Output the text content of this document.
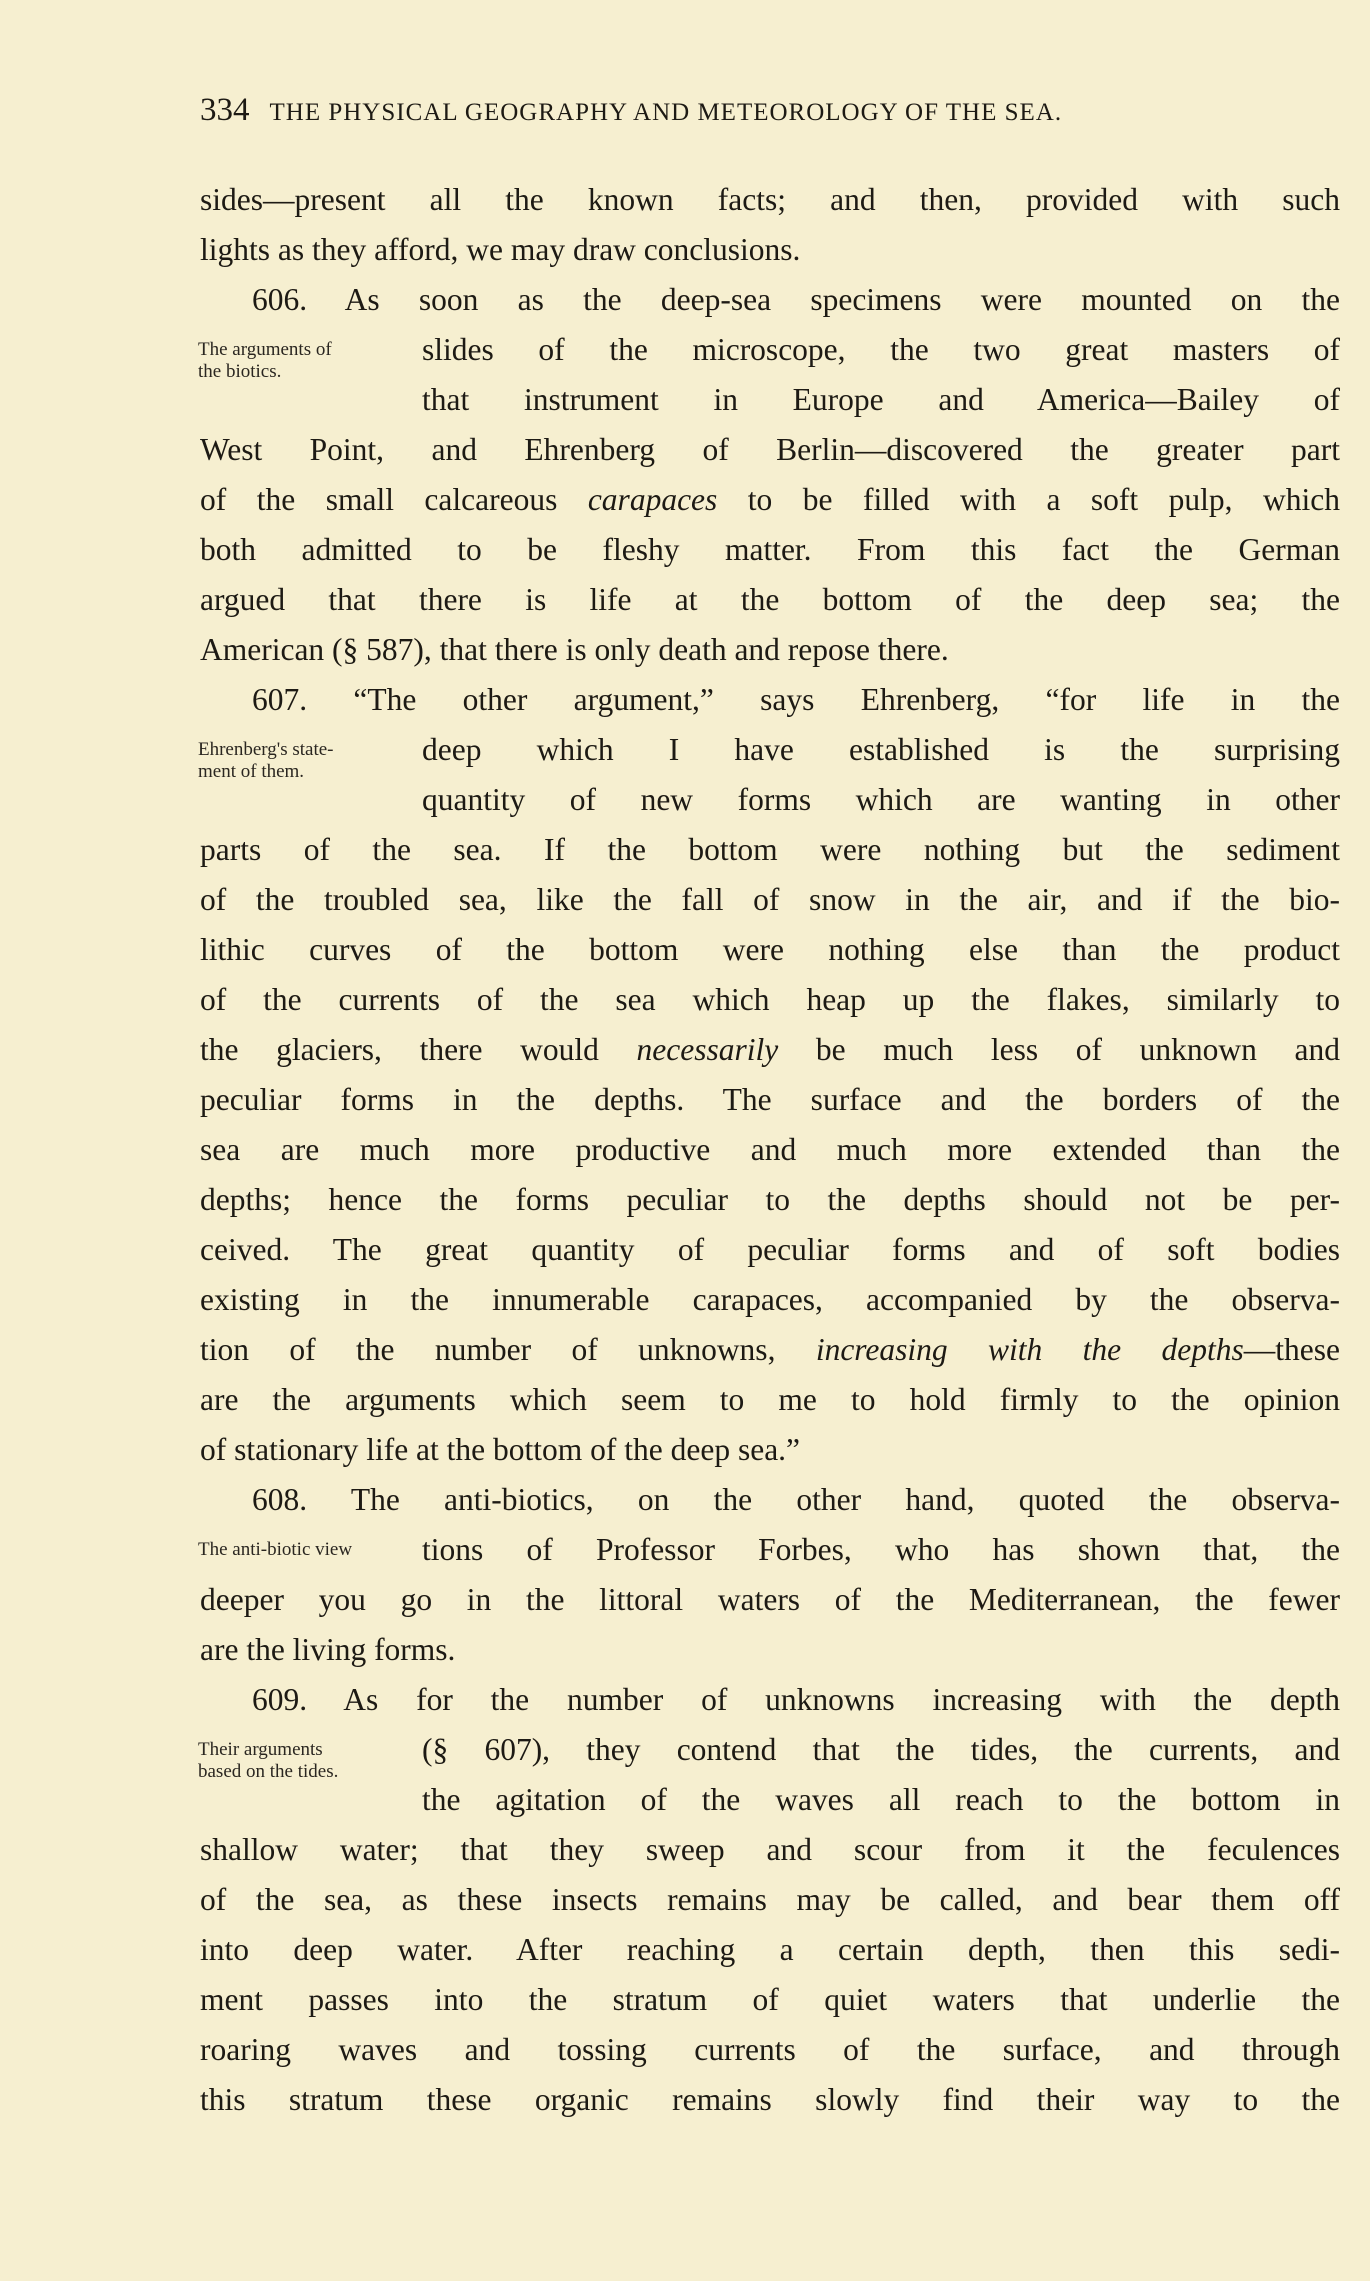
334 THE PHYSICAL GEOGRAPHY AND METEOROLOGY OF THE SEA.
sides—present all the known facts; and then, provided with such
lights as they afford, we may draw conclusions.
606. As soon as the deep-sea specimens were mounted on the
The arguments of
the biotics.
slides of the microscope, the two great masters of
that instrument in Europe and America—Bailey of
West Point, and Ehrenberg of Berlin—discovered the greater part
of the small calcareous carapaces to be filled with a soft pulp, which
both admitted to be fleshy matter. From this fact the German
argued that there is life at the bottom of the deep sea; the
American (§ 587), that there is only death and repose there.
607. “The other argument,” says Ehrenberg, “for life in the
Ehrenberg's state-
ment of them.
deep which I have established is the surprising
quantity of new forms which are wanting in other
parts of the sea. If the bottom were nothing but the sediment
of the troubled sea, like the fall of snow in the air, and if the bio-
lithic curves of the bottom were nothing else than the product
of the currents of the sea which heap up the flakes, similarly to
the glaciers, there would necessarily be much less of unknown and
peculiar forms in the depths. The surface and the borders of the
sea are much more productive and much more extended than the
depths; hence the forms peculiar to the depths should not be per-
ceived. The great quantity of peculiar forms and of soft bodies
existing in the innumerable carapaces, accompanied by the observa-
tion of the number of unknowns, increasing with the depths—these
are the arguments which seem to me to hold firmly to the opinion
of stationary life at the bottom of the deep sea.”
608. The anti-biotics, on the other hand, quoted the observa-
The anti-biotic view tions of Professor Forbes, who has shown that, the
deeper you go in the littoral waters of the Mediterranean, the fewer
are the living forms.
609. As for the number of unknowns increasing with the depth
Their arguments
based on the tides.
(§ 607), they contend that the tides, the currents, and
the agitation of the waves all reach to the bottom in
shallow water; that they sweep and scour from it the feculences
of the sea, as these insects remains may be called, and bear them off
into deep water. After reaching a certain depth, then this sedi-
ment passes into the stratum of quiet waters that underlie the
roaring waves and tossing currents of the surface, and through
this stratum these organic remains slowly find their way to the
